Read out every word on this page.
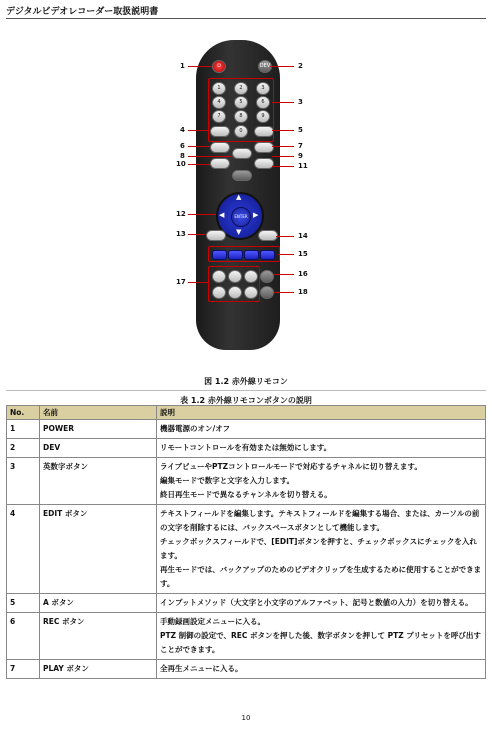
デジタルビデオレコーダー取扱説明書
⏻	DEV
1	2	3
4	5	6
7	8	9
0
▲
▼
◀	▶
ENTER
1	2
3
4	5
6	7
8	9
10	11
12
13	14
15
16
17
18
図 1.2 赤外線リモコン
表 1.2 赤外線リモコンボタンの説明
No.	名前	説明
1	POWER	機器電源のオン/オフ

2	DEV	リモートコントロールを有効または無効にします。

3	英数字ボタン	ライブビューやPTZコントロールモードで対応するチャネルに切り替えます。
編集モードで数字と文字を入力します。
終日再生モードで異なるチャンネルを切り替える。

4	EDIT ボタン	テキストフィールドを編集します。テキストフィールドを編集する場合、または、カーソルの前の文字を削除するには、バックスペースボタンとして機能します。
チェックボックスフィールドで、[EDIT]ボタンを押すと、チェックボックスにチェックを入れます。
再生モードでは、バックアップのためのビデオクリップを生成するために使用することができます。

5	A ボタン	インプットメソッド（大文字と小文字のアルファベット、記号と数値の入力）を切り替える。

6	REC ボタン	手動録画設定メニューに入る。
PTZ 制御の設定で、REC ボタンを押した後、数字ボタンを押して PTZ プリセットを呼び出すことができます。

7	PLAY ボタン	全再生メニューに入る。
10
